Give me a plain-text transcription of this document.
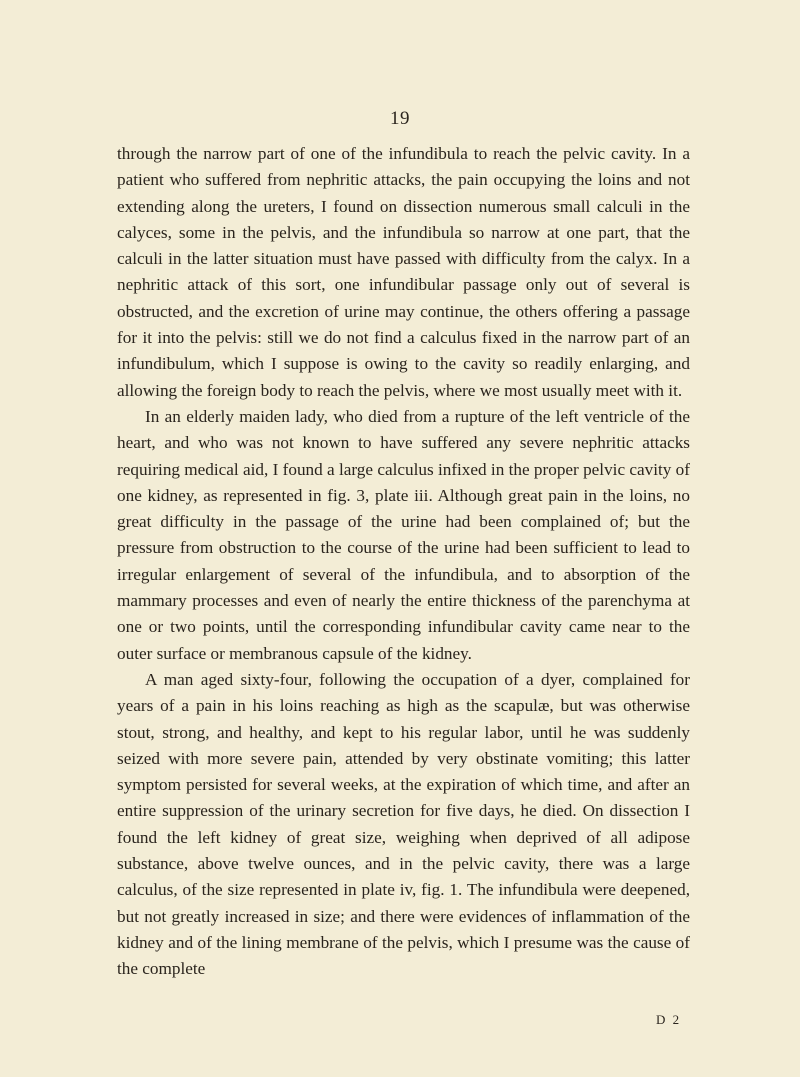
19

through the narrow part of one of the infundibula to reach the pelvic cavity. In a patient who suffered from nephritic attacks, the pain occupying the loins and not extending along the ureters, I found on dissection numerous small calculi in the calyces, some in the pelvis, and the infundibula so narrow at one part, that the calculi in the latter situation must have passed with difficulty from the calyx. In a nephritic attack of this sort, one infundibular passage only out of several is obstructed, and the excretion of urine may continue, the others offering a passage for it into the pelvis: still we do not find a calculus fixed in the narrow part of an infundibulum, which I suppose is owing to the cavity so readily enlarging, and allowing the foreign body to reach the pelvis, where we most usually meet with it.

In an elderly maiden lady, who died from a rupture of the left ventricle of the heart, and who was not known to have suffered any severe nephritic attacks requiring medical aid, I found a large calculus infixed in the proper pelvic cavity of one kidney, as represented in fig. 3, plate iii. Although great pain in the loins, no great difficulty in the passage of the urine had been complained of; but the pressure from obstruction to the course of the urine had been sufficient to lead to irregular enlargement of several of the infundibula, and to absorption of the mammary processes and even of nearly the entire thickness of the parenchyma at one or two points, until the corresponding infundibular cavity came near to the outer surface or membranous capsule of the kidney.

A man aged sixty-four, following the occupation of a dyer, complained for years of a pain in his loins reaching as high as the scapulæ, but was otherwise stout, strong, and healthy, and kept to his regular labor, until he was suddenly seized with more severe pain, attended by very obstinate vomiting; this latter symptom persisted for several weeks, at the expiration of which time, and after an entire suppression of the urinary secretion for five days, he died. On dissection I found the left kidney of great size, weighing when deprived of all adipose substance, above twelve ounces, and in the pelvic cavity, there was a large calculus, of the size represented in plate iv, fig. 1. The infundibula were deepened, but not greatly increased in size; and there were evidences of inflammation of the kidney and of the lining membrane of the pelvis, which I presume was the cause of the complete

D 2
